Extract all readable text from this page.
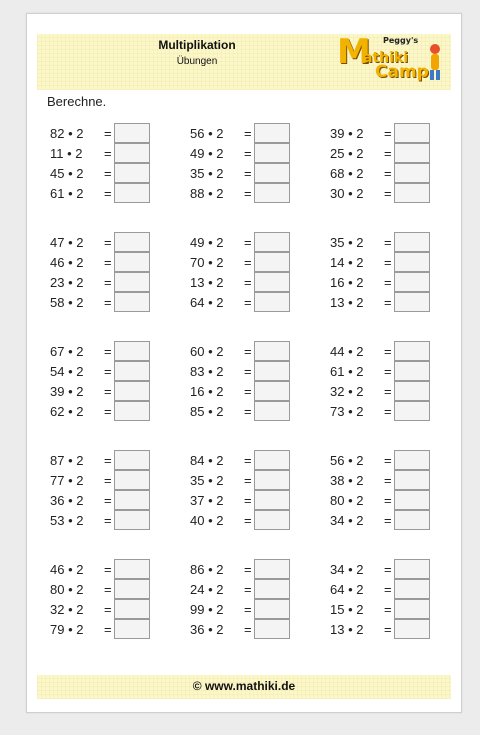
Multiplikation
Übungen	M Peggy's
athiki
Camp
Berechne.
82 • 2	=
11 • 2	=
45 • 2	=
61 • 2	=
56 • 2	=
49 • 2	=
35 • 2	=
88 • 2	=
39 • 2	=
25 • 2	=
68 • 2	=
30 • 2	=
47 • 2	=
46 • 2	=
23 • 2	=
58 • 2	=
49 • 2	=
70 • 2	=
13 • 2	=
64 • 2	=
35 • 2	=
14 • 2	=
16 • 2	=
13 • 2	=
67 • 2	=
54 • 2	=
39 • 2	=
62 • 2	=
60 • 2	=
83 • 2	=
16 • 2	=
85 • 2	=
44 • 2	=
61 • 2	=
32 • 2	=
73 • 2	=
87 • 2	=
77 • 2	=
36 • 2	=
53 • 2	=
84 • 2	=
35 • 2	=
37 • 2	=
40 • 2	=
56 • 2	=
38 • 2	=
80 • 2	=
34 • 2	=
46 • 2	=
80 • 2	=
32 • 2	=
79 • 2	=
86 • 2	=
24 • 2	=
99 • 2	=
36 • 2	=
34 • 2	=
64 • 2	=
15 • 2	=
13 • 2	=
© www.mathiki.de
